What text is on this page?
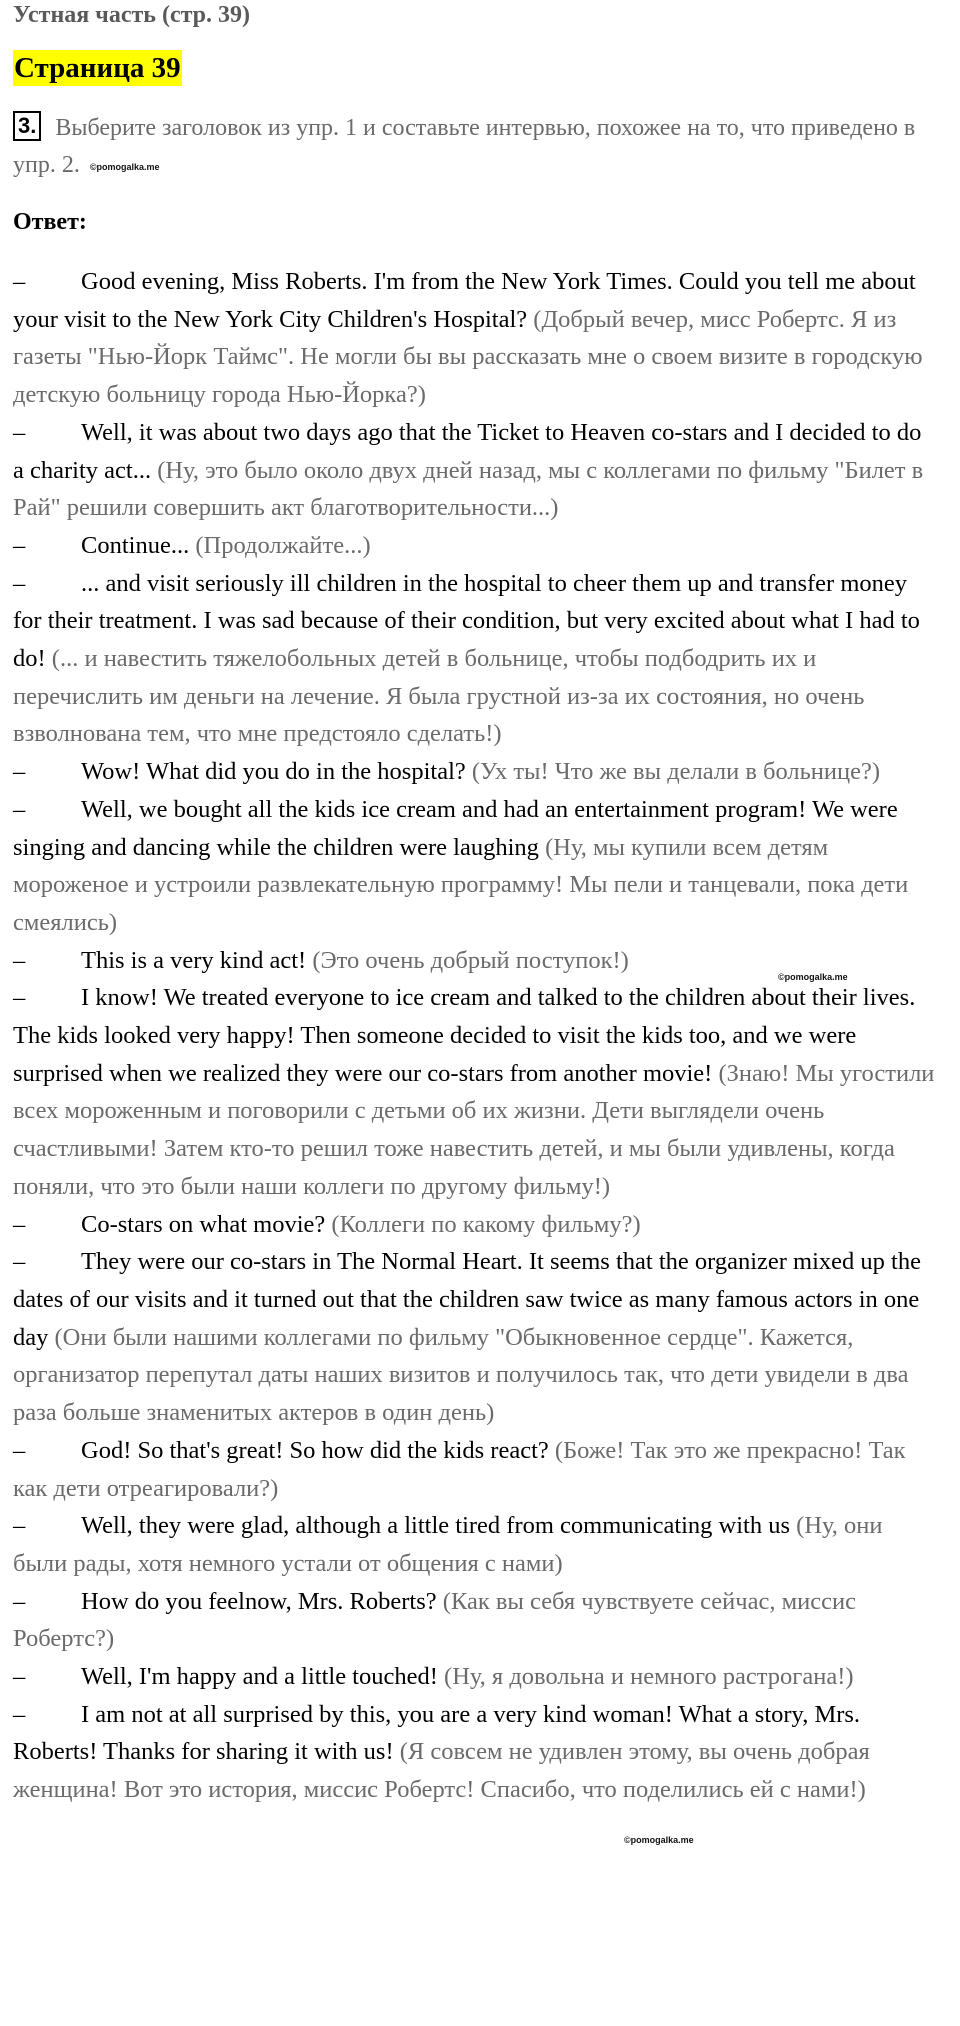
Устная часть (стр. 39)
Страница 39
3. Выберите заголовок из упр. 1 и составьте интервью, похожее на то, что приведено в упр. 2. ©pomogalka.me
Ответ:

– Good evening, Miss Roberts. I'm from the New York Times. Could you tell me about your visit to the New York City Children's Hospital? (Добрый вечер, мисс Робертс. Я из газеты "Нью-Йорк Таймс". Не могли бы вы рассказать мне о своем визите в городскую детскую больницу города Нью-Йорка?)

– Well, it was about two days ago that the Ticket to Heaven co-stars and I decided to do a charity act... (Ну, это было около двух дней назад, мы с коллегами по фильму "Билет в Рай" решили совершить акт благотворительности...)

– Continue... (Продолжайте...)

– ... and visit seriously ill children in the hospital to cheer them up and transfer money for their treatment. I was sad because of their condition, but very excited about what I had to do! (... и навестить тяжелобольных детей в больнице, чтобы подбодрить их и перечислить им деньги на лечение. Я была грустной из-за их состояния, но очень взволнована тем, что мне предстояло сделать!)

– Wow! What did you do in the hospital? (Ух ты! Что же вы делали в больнице?)

– Well, we bought all the kids ice cream and had an entertainment program! We were singing and dancing while the children were laughing (Ну, мы купили всем детям мороженое и устроили развлекательную программу! Мы пели и танцевали, пока дети смеялись)

– This is a very kind act! (Это очень добрый поступок!)

– I know! We treated everyone to ice cream and talked to the children about their lives. The kids looked very happy! Then someone decided to visit the kids too, and we were surprised when we realized they were our co-stars from another movie! (Знаю! Мы угостили всех мороженным и поговорили с детьми об их жизни. Дети выглядели очень счастливыми! Затем кто-то решил тоже навестить детей, и мы были удивлены, когда поняли, что это были наши коллеги по другому фильму!)

– Co-stars on what movie? (Коллеги по какому фильму?)

– They were our co-stars in The Normal Heart. It seems that the organizer mixed up the dates of our visits and it turned out that the children saw twice as many famous actors in one day (Они были нашими коллегами по фильму "Обыкновенное сердце". Кажется, организатор перепутал даты наших визитов и получилось так, что дети увидели в два раза больше знаменитых актеров в один день)

– God! So that's great! So how did the kids react? (Боже! Так это же прекрасно! Так как дети отреагировали?)

– Well, they were glad, although a little tired from communicating with us (Ну, они были рады, хотя немного устали от общения с нами)

– How do you feelnow, Mrs. Roberts? (Как вы себя чувствуете сейчас, миссис Робертс?)

– Well, I'm happy and a little touched! (Ну, я довольна и немного растрогана!)

– I am not at all surprised by this, you are a very kind woman! What a story, Mrs. Roberts! Thanks for sharing it with us! (Я совсем не удивлен этому, вы очень добрая женщина! Вот это история, миссис Робертс! Спасибо, что поделились ей с нами!)

©pomogalka.me
©pomogalka.me
